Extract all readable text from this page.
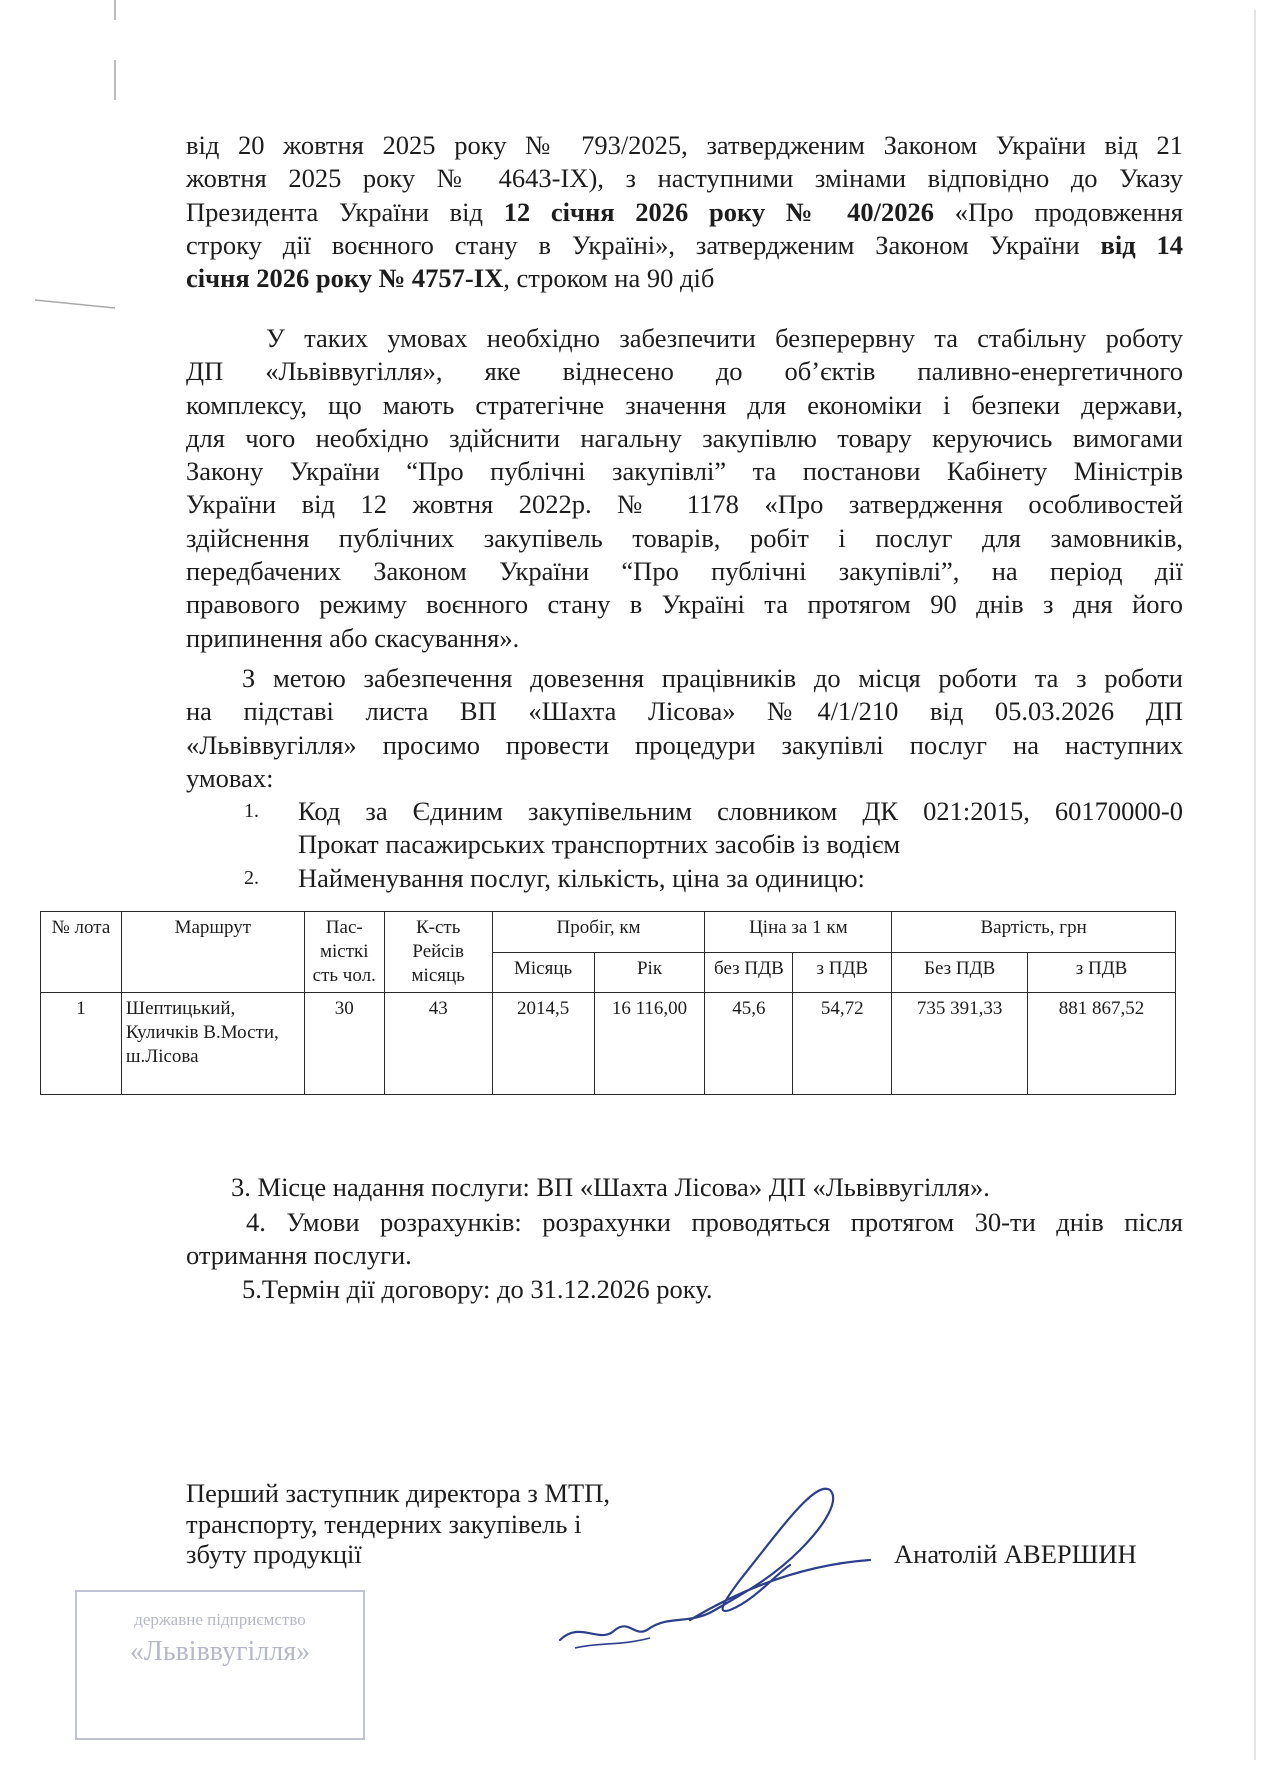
від 20 жовтня 2025 року № 793/2025, затвердженим Законом України від 21
жовтня 2025 року № 4643-ІХ), з наступними змінами відповідно до Указу
Президента України від 12 січня 2026 року № 40/2026 «Про продовження
строку дії воєнного стану в Україні», затвердженим Законом України від 14
січня 2026 року № 4757-ІХ, строком на 90 діб
У таких умовах необхідно забезпечити безперервну та стабільну роботу
ДП «Львіввугілля», яке віднесено до об’єктів паливно-енергетичного
комплексу, що мають стратегічне значення для економіки і безпеки держави,
для чого необхідно здійснити нагальну закупівлю товару керуючись вимогами
Закону України “Про публічні закупівлі” та постанови Кабінету Міністрів
України від 12 жовтня 2022р. № 1178 «Про затвердження особливостей
здійснення публічних закупівель товарів, робіт і послуг для замовників,
передбачених Законом України “Про публічні закупівлі”, на період дії
правового режиму воєнного стану в Україні та протягом 90 днів з дня його
припинення або скасування».
З метою забезпечення довезення працівників до місця роботи та з роботи
на підставі листа ВП «Шахта Лісова» №4/1/210 від 05.03.2026 ДП
«Львіввугілля» просимо провести процедури закупівлі послуг на наступних
умовах:
1. Код за Єдиним закупівельним словником ДК 021:2015, 60170000-0
Прокат пасажирських транспортних засобів із водієм
2. Найменування послуг, кількість, ціна за одиницю:
№ лота	Маршрут	Пас-місткі сть чол.	К-сть Рейсів місяць	Пробіг, км		Ціна за 1 км		Вартість, грн	
				Місяць	Рік	без ПДВ	з ПДВ	Без ПДВ	з ПДВ
1	Шептицький, Куличків В.Мости, ш.Лісова	30	43	2014,5	16 116,00	45,6	54,72	735 391,33	881 867,52
3. Місце надання послуги: ВП «Шахта Лісова» ДП «Львіввугілля».
4. Умови розрахунків: розрахунки проводяться протягом 30-ти днів після
отримання послуги.
5.Термін дії договору: до 31.12.2026 року.
Перший заступник директора з МТП,
транспорту, тендерних закупівель і
збуту продукції	Анатолій АВЕРШИН
державне підприємство
«Львіввугілля»
